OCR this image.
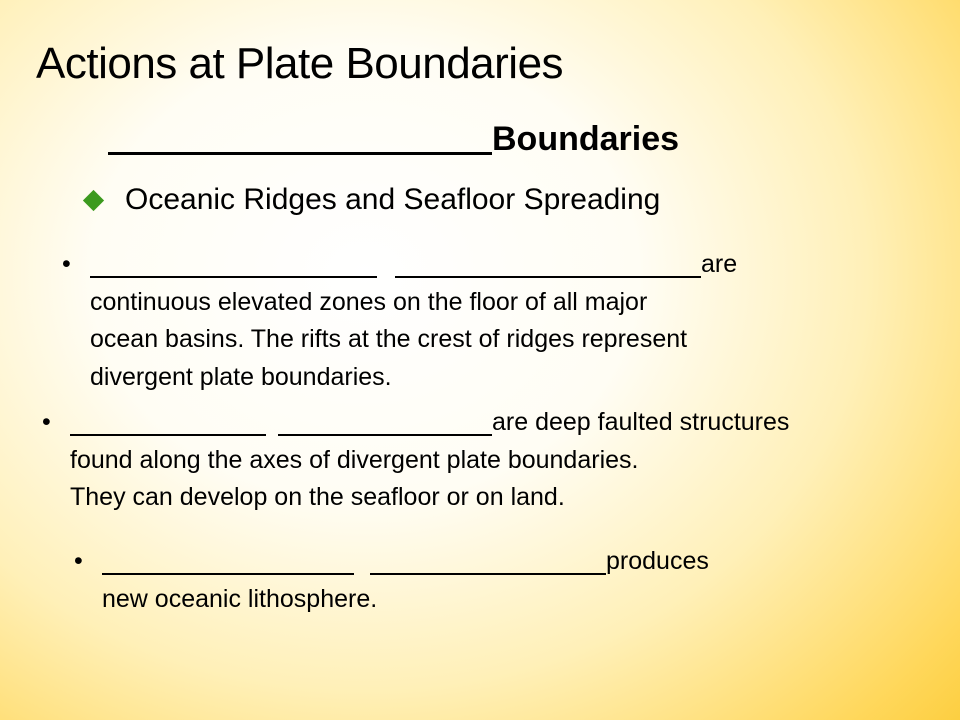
Actions at Plate Boundaries
Boundaries
Oceanic Ridges and Seafloor Spreading
•	are
continuous elevated zones on the floor of all major
ocean basins. The rifts at the crest of ridges represent
divergent plate boundaries.
•	are deep faulted structures
found along the axes of divergent plate boundaries.
They can develop on the seafloor or on land.
•	produces
new oceanic lithosphere.
